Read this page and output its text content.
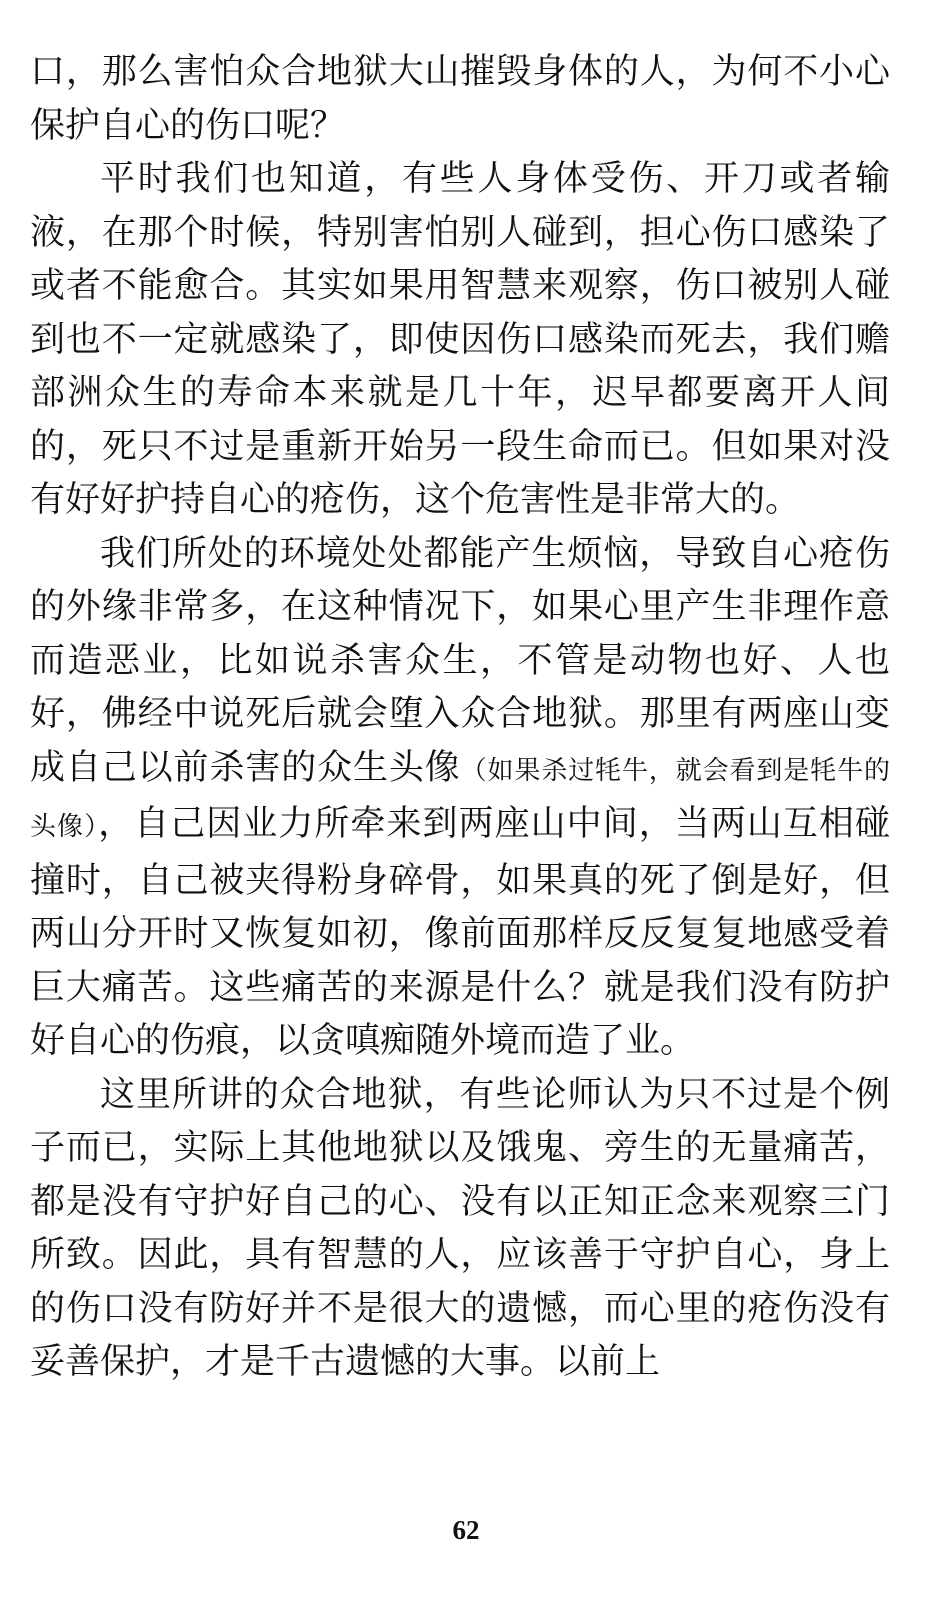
口，那么害怕众合地狱大山摧毁身体的人，为何不小心保护自心的伤口呢？

平时我们也知道，有些人身体受伤、开刀或者输液，在那个时候，特别害怕别人碰到，担心伤口感染了或者不能愈合。其实如果用智慧来观察，伤口被别人碰到也不一定就感染了，即使因伤口感染而死去，我们赡部洲众生的寿命本来就是几十年，迟早都要离开人间的，死只不过是重新开始另一段生命而已。但如果对没有好好护持自心的疮伤，这个危害性是非常大的。

我们所处的环境处处都能产生烦恼，导致自心疮伤的外缘非常多，在这种情况下，如果心里产生非理作意而造恶业，比如说杀害众生，不管是动物也好、人也好，佛经中说死后就会堕入众合地狱。那里有两座山变成自己以前杀害的众生头像（如果杀过牦牛，就会看到是牦牛的头像），自己因业力所牵来到两座山中间，当两山互相碰撞时，自己被夹得粉身碎骨，如果真的死了倒是好，但两山分开时又恢复如初，像前面那样反反复复地感受着巨大痛苦。这些痛苦的来源是什么？就是我们没有防护好自心的伤痕，以贪嗔痴随外境而造了业。

这里所讲的众合地狱，有些论师认为只不过是个例子而已，实际上其他地狱以及饿鬼、旁生的无量痛苦，都是没有守护好自己的心、没有以正知正念来观察三门所致。因此，具有智慧的人，应该善于守护自心，身上的伤口没有防好并不是很大的遗憾，而心里的疮伤没有妥善保护，才是千古遗憾的大事。以前上

62
